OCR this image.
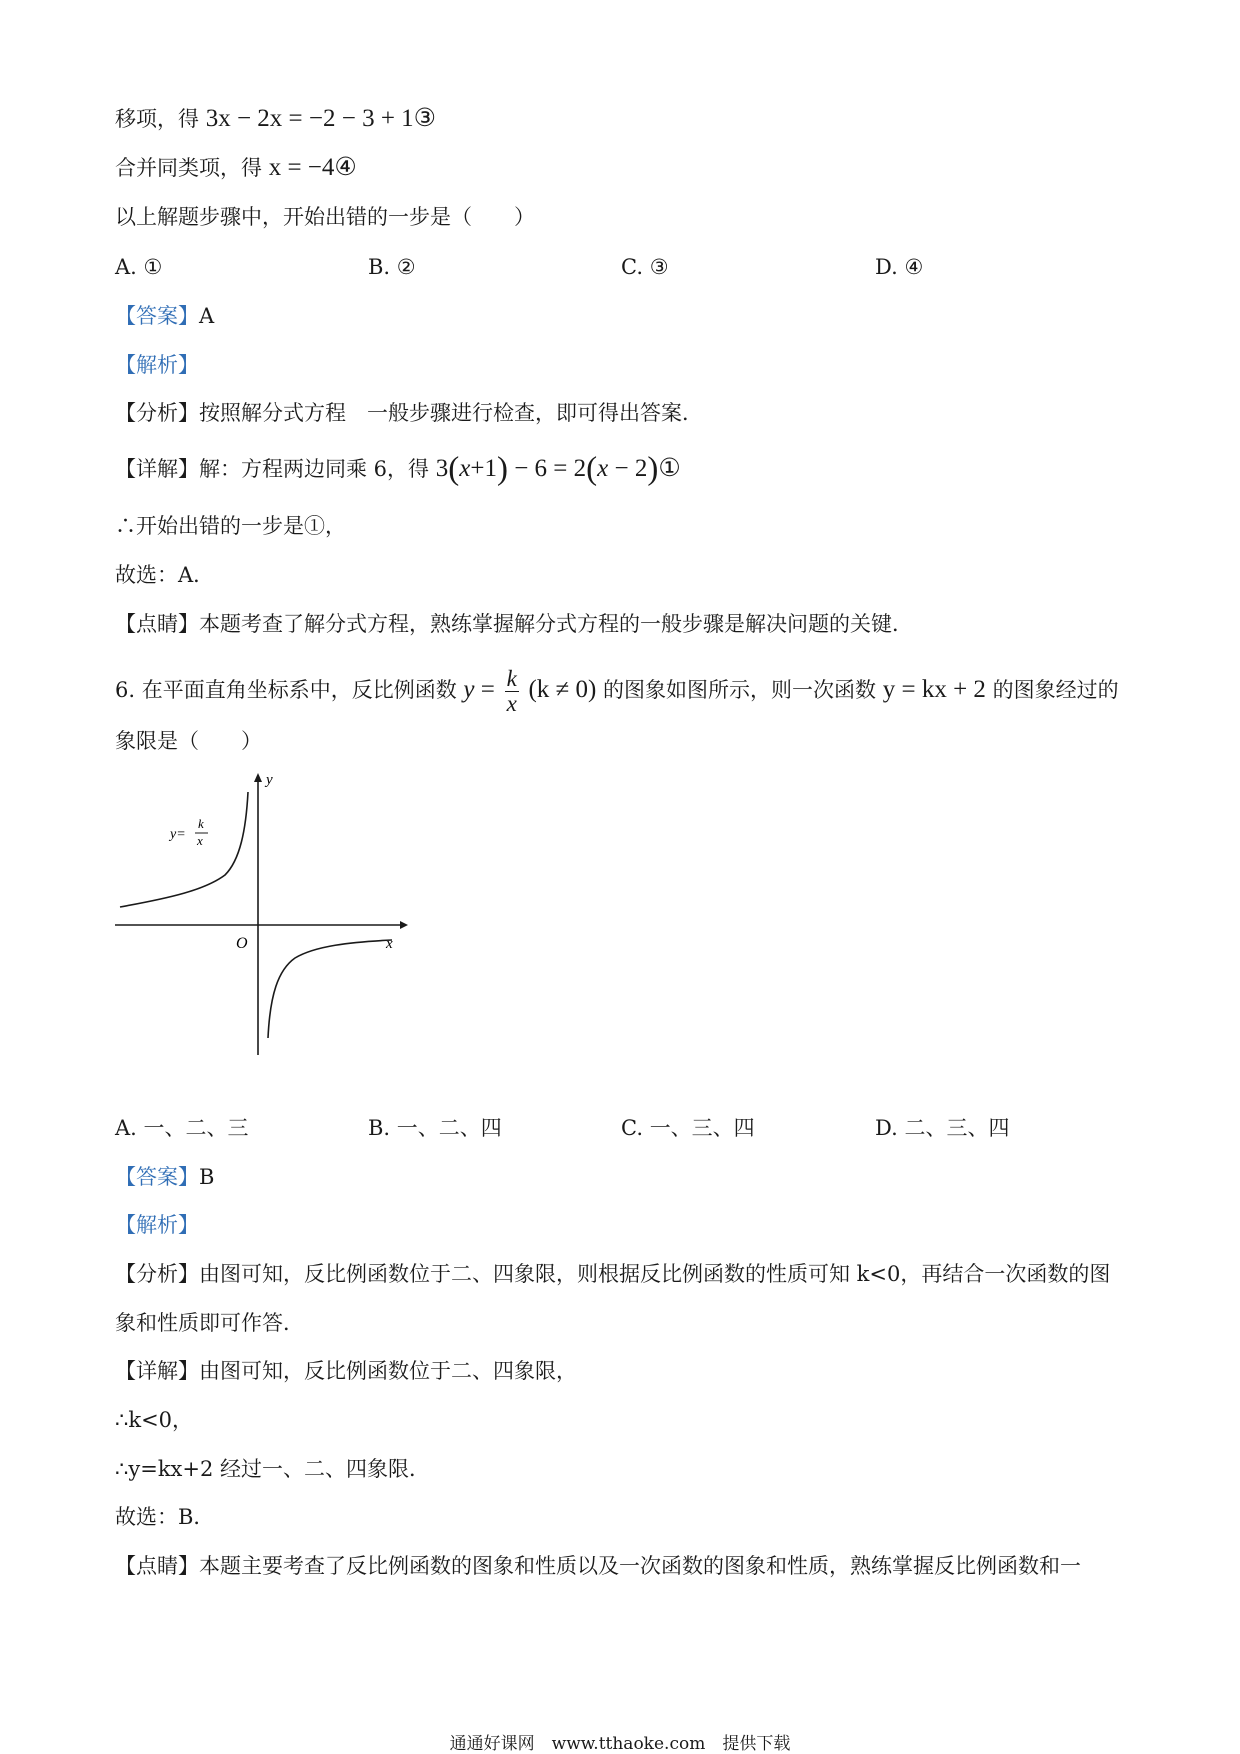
移项，得 3x − 2x = −2 − 3 + 1③
合并同类项，得 x = −4④
以上解题步骤中，开始出错的一步是（　　）
A. ①	B. ②	C. ③	D. ④
【答案】A
【解析】
【分析】按照解分式方程　一般步骤进行检查，即可得出答案．
【详解】解：方程两边同乘 6，得 3(x+1) − 6 = 2(x − 2)①
∴开始出错的一步是①，
故选：A．
【点睛】本题考查了解分式方程，熟练掌握解分式方程的一般步骤是解决问题的关键．
6. 在平面直角坐标系中，反比例函数 $y = \frac{k}{x} (k \ne 0)$ 的图象如图所示，则一次函数 y = kx + 2 的图象经过的
象限是（　　）
y
x
O
y=
k
x
A. 一、二、三	B. 一、二、四	C. 一、三、四	D. 二、三、四
【答案】B
【解析】
【分析】由图可知，反比例函数位于二、四象限，则根据反比例函数的性质可知 k<0，再结合一次函数的图
象和性质即可作答．
【详解】由图可知，反比例函数位于二、四象限，
∴k<0，
∴y=kx+2 经过一、二、四象限．
故选：B．
【点睛】本题主要考查了反比例函数的图象和性质以及一次函数的图象和性质，熟练掌握反比例函数和一
通通好课网　www.tthaoke.com　提供下载
